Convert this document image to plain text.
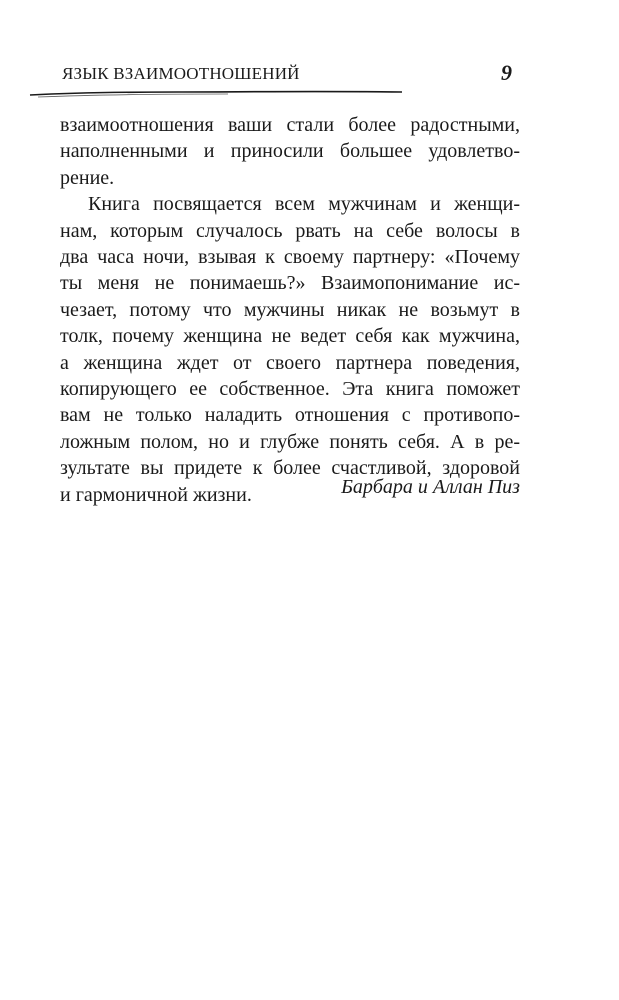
ЯЗЫК ВЗАИМООТНОШЕНИЙ	9
взаимоотношения ваши стали более радостными,
наполненными и приносили большее удовлетво-
рение.
Книга посвящается всем мужчинам и женщи-
нам, которым случалось рвать на себе волосы в
два часа ночи, взывая к своему партнеру: «Почему
ты меня не понимаешь?» Взаимопонимание ис-
чезает, потому что мужчины никак не возьмут в
толк, почему женщина не ведет себя как мужчина,
а женщина ждет от своего партнера поведения,
копирующего ее собственное. Эта книга поможет
вам не только наладить отношения с противопо-
ложным полом, но и глубже понять себя. А в ре-
зультате вы придете к более счастливой, здоровой
и гармоничной жизни.	Барбара и Аллан Пиз
